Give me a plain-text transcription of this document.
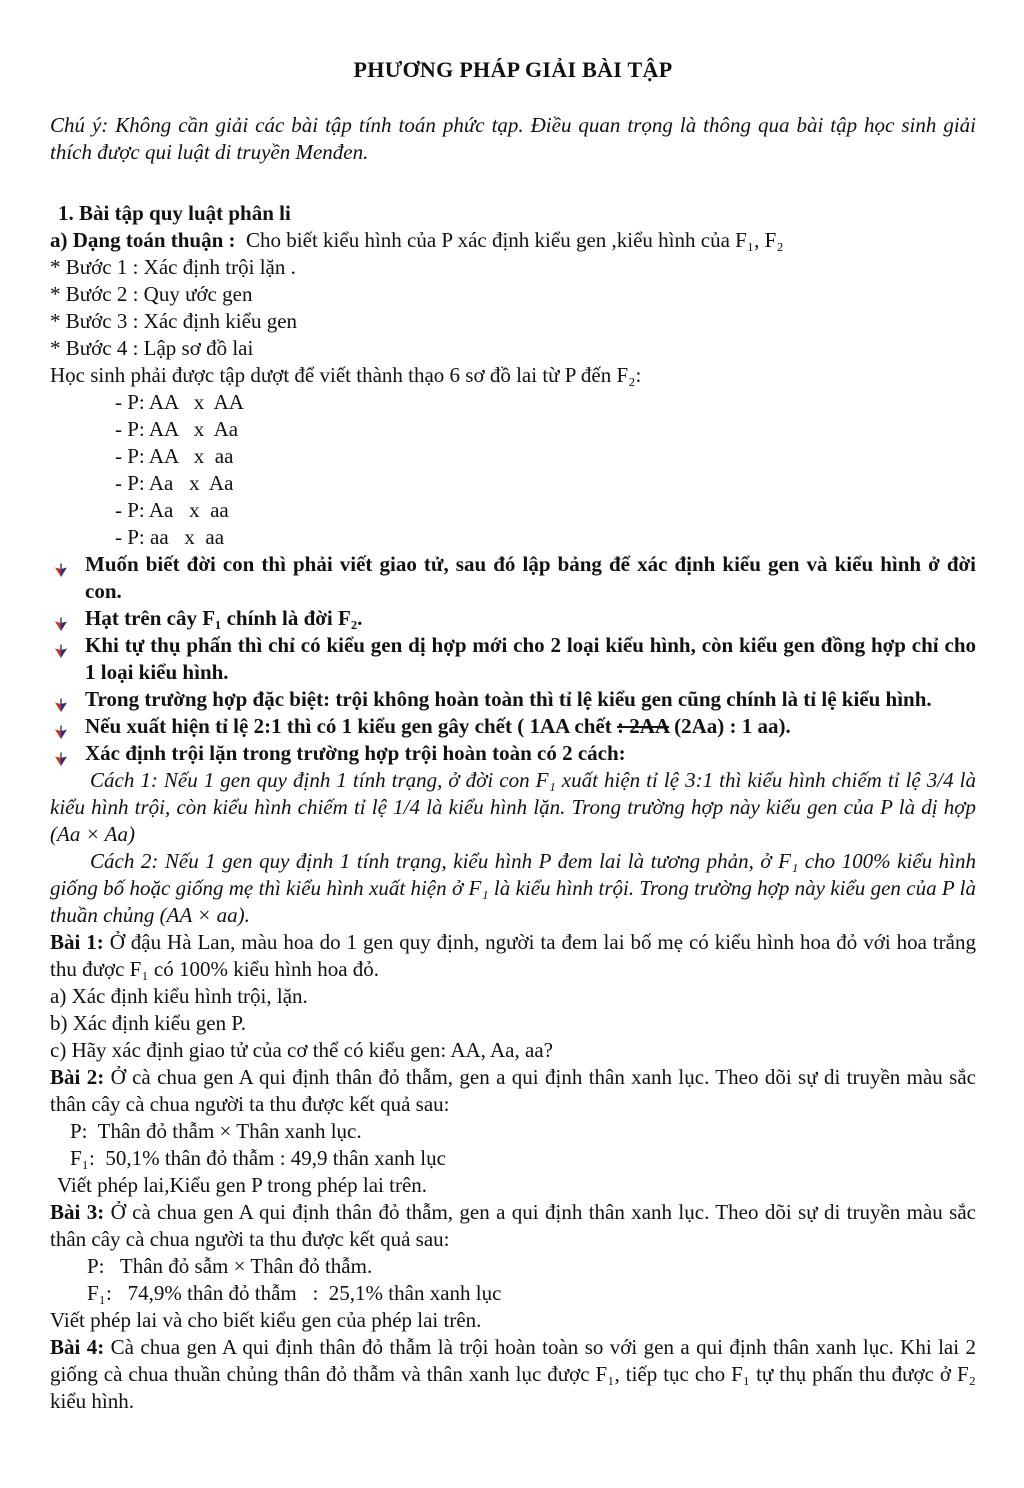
PHƯƠNG PHÁP GIẢI BÀI TẬP

Chú ý: Không cần giải các bài tập tính toán phức tạp. Điều quan trọng là thông qua bài tập học sinh giải thích được qui luật di truyền Menđen.

1. Bài tập quy luật phân li

a) Dạng toán thuận :  Cho biết kiểu hình của P xác định kiểu gen ,kiểu hình của F₁, F₂

* Bước 1 : Xác định trội lặn .

* Bước 2 : Quy ước gen

* Bước 3 : Xác định kiểu gen

* Bước 4 : Lập sơ đồ lai

Học sinh phải được tập dượt để viết thành thạo 6 sơ đồ lai từ P đến F₂:

- P: AA   x  AA

- P: AA   x  Aa

- P: AA   x  aa

- P: Aa   x  Aa

- P: Aa   x  aa

- P: aa   x  aa

Muốn biết đời con thì phải viết giao tử, sau đó lập bảng để xác định kiểu gen và kiểu hình ở đời con.
Hạt trên cây F₁ chính là đời F₂.
Khi tự thụ phấn thì chỉ có kiểu gen dị hợp mới cho 2 loại kiểu hình, còn kiểu gen đồng hợp chỉ cho 1 loại kiểu hình.
Trong trường hợp đặc biệt: trội không hoàn toàn thì tỉ lệ kiểu gen cũng chính là tỉ lệ kiểu hình.
Nếu xuất hiện tỉ lệ 2:1 thì có 1 kiểu gen gây chết ( 1AA chết : 2AA (2Aa) : 1 aa).
Xác định trội lặn trong trường hợp trội hoàn toàn có 2 cách:

Cách 1: Nếu 1 gen quy định 1 tính trạng, ở đời con F₁ xuất hiện tỉ lệ 3:1 thì kiểu hình chiếm tỉ lệ 3/4 là kiểu hình trội, còn kiểu hình chiếm tỉ lệ 1/4 là kiểu hình lặn. Trong trường hợp này kiểu gen của P là dị hợp (Aa × Aa)

Cách 2: Nếu 1 gen quy định 1 tính trạng, kiểu hình P đem lai là tương phản, ở F₁ cho 100% kiểu hình giống bố hoặc giống mẹ thì kiểu hình xuất hiện ở F₁ là kiểu hình trội. Trong trường hợp này kiểu gen của P là thuần chủng (AA × aa).

Bài 1: Ở đậu Hà Lan, màu hoa do 1 gen quy định, người ta đem lai bố mẹ có kiểu hình hoa đỏ với hoa trắng thu được F₁ có 100% kiểu hình hoa đỏ.

a) Xác định kiểu hình trội, lặn.

b) Xác định kiểu gen P.

c) Hãy xác định giao tử của cơ thể có kiểu gen: AA, Aa, aa?

Bài 2: Ở cà chua gen A qui định thân đỏ thẫm, gen a qui định thân xanh lục. Theo dõi sự di truyền màu sắc thân cây cà chua người ta thu được kết quả sau:

P:  Thân đỏ thẫm × Thân xanh lục.

F₁:  50,1% thân đỏ thẫm : 49,9 thân xanh lục

Viết phép lai,Kiểu gen P trong phép lai trên.

Bài 3: Ở cà chua gen A qui định thân đỏ thẫm, gen a qui định thân xanh lục. Theo dõi sự di truyền màu sắc thân cây cà chua người ta thu được kết quả sau:

P:   Thân đỏ sẫm × Thân đỏ thẫm.

F₁:   74,9% thân đỏ thẫm   :  25,1% thân xanh lục

Viết phép lai và cho biết kiểu gen của phép lai trên.

Bài 4: Cà chua gen A qui định thân đỏ thẫm là trội hoàn toàn so với gen a qui định thân xanh lục. Khi lai 2 giống cà chua thuần chủng thân đỏ thẫm và thân xanh lục được F₁, tiếp tục cho F₁ tự thụ phấn thu được ở F₂ kiểu hình.
